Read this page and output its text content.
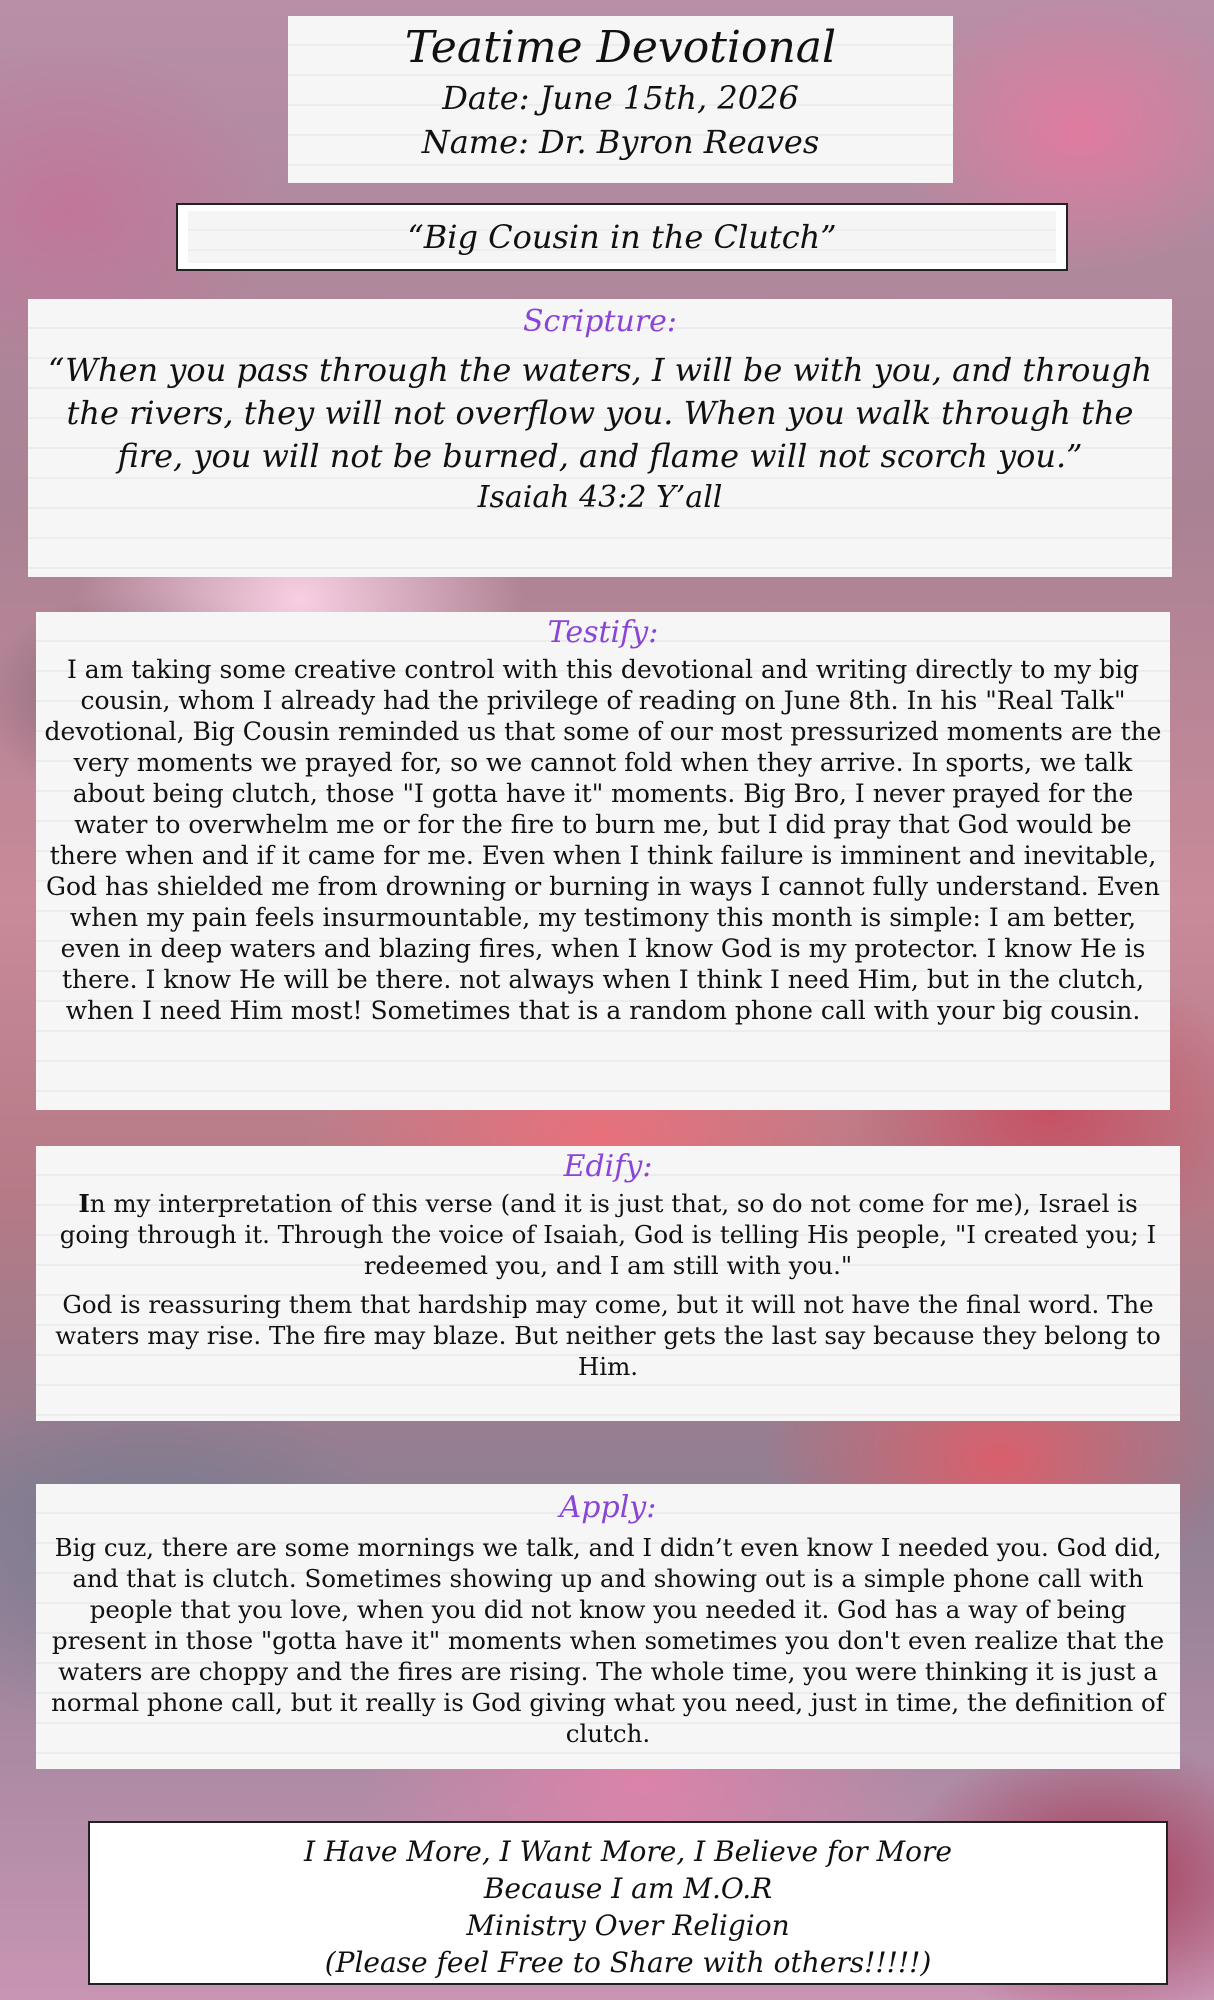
Teatime Devotional
Date: June 15th, 2026
Name: Dr. Byron Reaves
“Big Cousin in the Clutch”
Scripture:
“When you pass through the waters, I will be with you, and through the rivers, they will not overflow you. When you walk through the fire, you will not be burned, and flame will not scorch you.”
Isaiah 43:2 Y’all
Testify:
I am taking some creative control with this devotional and writing directly to my big cousin, whom I already had the privilege of reading on June 8th. In his "Real Talk" devotional, Big Cousin reminded us that some of our most pressurized moments are the very moments we prayed for, so we cannot fold when they arrive. In sports, we talk about being clutch, those "I gotta have it" moments. Big Bro, I never prayed for the water to overwhelm me or for the fire to burn me, but I did pray that God would be there when and if it came for me. Even when I think failure is imminent and inevitable, God has shielded me from drowning or burning in ways I cannot fully understand. Even when my pain feels insurmountable, my testimony this month is simple: I am better, even in deep waters and blazing fires, when I know God is my protector. I know He is there. I know He will be there. not always when I think I need Him, but in the clutch, when I need Him most! Sometimes that is a random phone call with your big cousin.
Edify:

In my interpretation of this verse (and it is just that, so do not come for me), Israel is going through it. Through the voice of Isaiah, God is telling His people, "I created you; I redeemed you, and I am still with you."

God is reassuring them that hardship may come, but it will not have the final word. The waters may rise. The fire may blaze. But neither gets the last say because they belong to Him.

Apply:
Big cuz, there are some mornings we talk, and I didn’t even know I needed you. God did, and that is clutch. Sometimes showing up and showing out is a simple phone call with people that you love, when you did not know you needed it. God has a way of being present in those "gotta have it" moments when sometimes you don't even realize that the waters are choppy and the fires are rising. The whole time, you were thinking it is just a normal phone call, but it really is God giving what you need, just in time, the definition of clutch.
I Have More, I Want More, I Believe for More
Because I am M.O.R
Ministry Over Religion
(Please feel Free to Share with others!!!!!)
